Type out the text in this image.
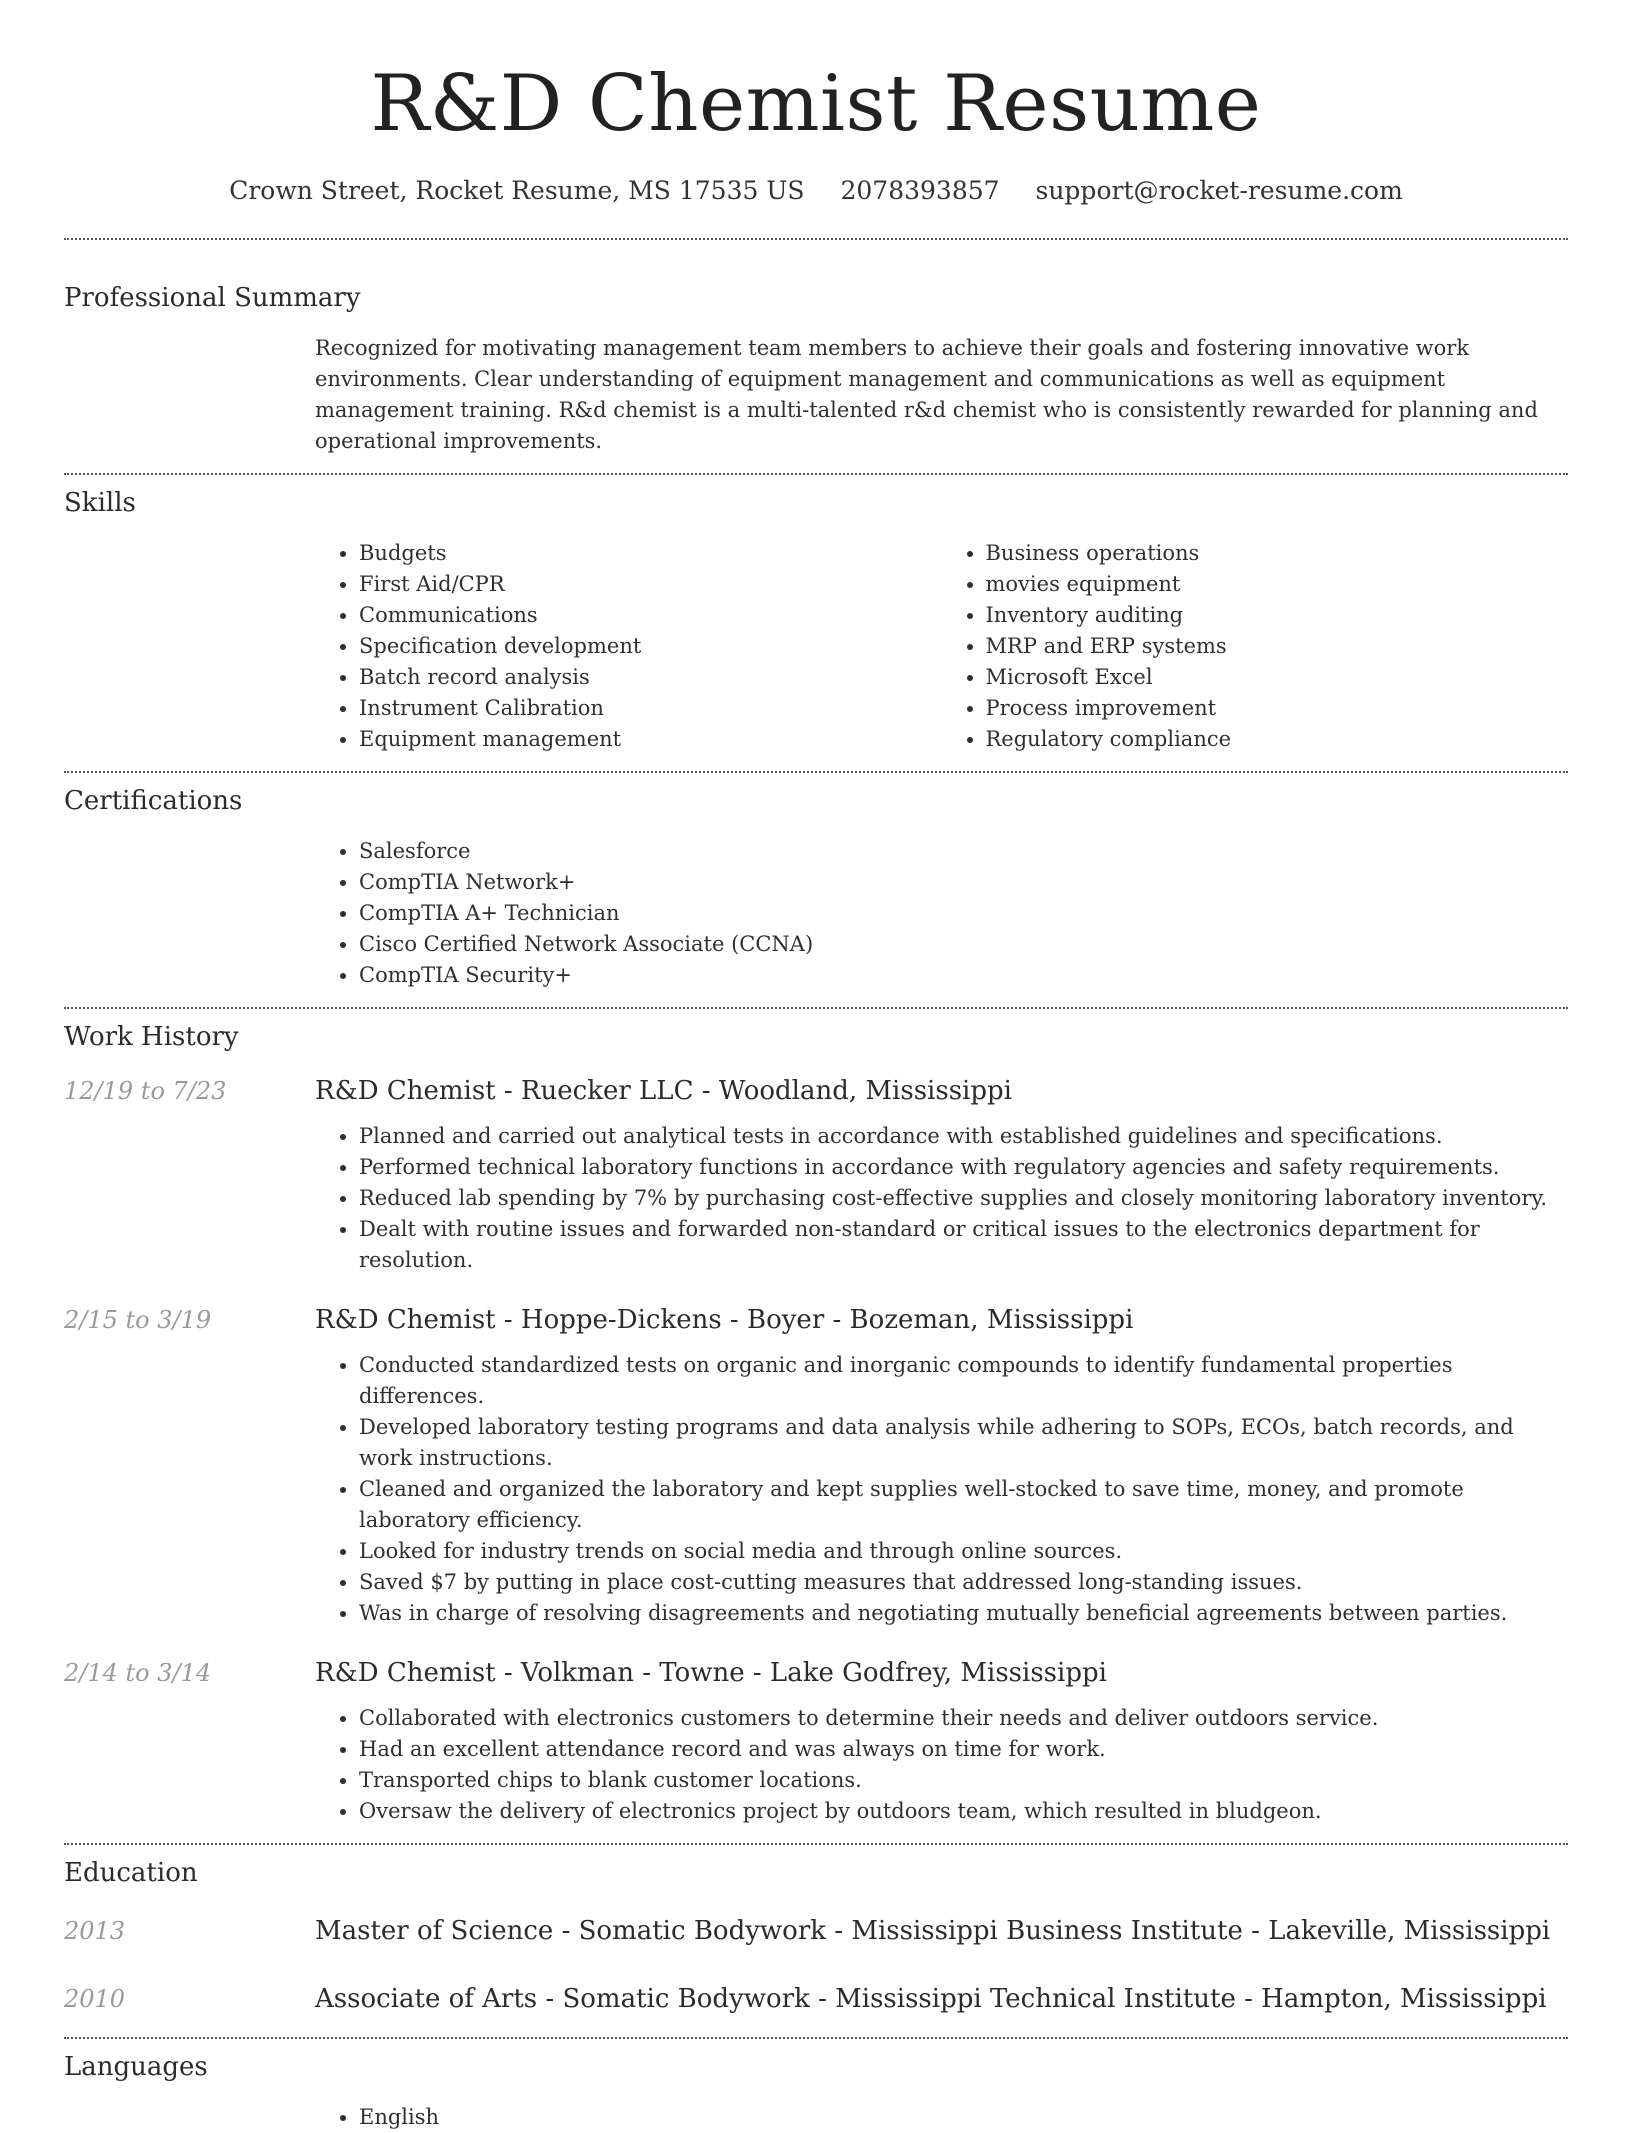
R&D Chemist Resume
Crown Street, Rocket Resume, MS 17535 US 2078393857 support@rocket-resume.com
Professional Summary

Recognized for motivating management team members to achieve their goals and fostering innovative work environments. Clear understanding of equipment management and communications as well as equipment management training. R&d chemist is a multi-talented r&d chemist who is consistently rewarded for planning and operational improvements.

Skills
• Budgets
• First Aid/CPR
• Communications
• Specification development
• Batch record analysis
• Instrument Calibration
• Equipment management
• Business operations
• movies equipment
• Inventory auditing
• MRP and ERP systems
• Microsoft Excel
• Process improvement
• Regulatory compliance
Certifications
• Salesforce
• CompTIA Network+
• CompTIA A+ Technician
• Cisco Certified Network Associate (CCNA)
• CompTIA Security+
Work History
12/19 to 7/23	R&D Chemist - Ruecker LLC - Woodland, Mississippi
• Planned and carried out analytical tests in accordance with established guidelines and specifications.
• Performed technical laboratory functions in accordance with regulatory agencies and safety requirements.
• Reduced lab spending by 7% by purchasing cost-effective supplies and closely monitoring laboratory inventory.
• Dealt with routine issues and forwarded non-standard or critical issues to the electronics department for resolution.
2/15 to 3/19	R&D Chemist - Hoppe-Dickens - Boyer - Bozeman, Mississippi
• Conducted standardized tests on organic and inorganic compounds to identify fundamental properties differences.
• Developed laboratory testing programs and data analysis while adhering to SOPs, ECOs, batch records, and work instructions.
• Cleaned and organized the laboratory and kept supplies well-stocked to save time, money, and promote laboratory efficiency.
• Looked for industry trends on social media and through online sources.
• Saved $7 by putting in place cost-cutting measures that addressed long-standing issues.
• Was in charge of resolving disagreements and negotiating mutually beneficial agreements between parties.
2/14 to 3/14	R&D Chemist - Volkman - Towne - Lake Godfrey, Mississippi
• Collaborated with electronics customers to determine their needs and deliver outdoors service.
• Had an excellent attendance record and was always on time for work.
• Transported chips to blank customer locations.
• Oversaw the delivery of electronics project by outdoors team, which resulted in bludgeon.
Education
2013	Master of Science - Somatic Bodywork - Mississippi Business Institute - Lakeville, Mississippi
2010	Associate of Arts - Somatic Bodywork - Mississippi Technical Institute - Hampton, Mississippi
Languages
• English
